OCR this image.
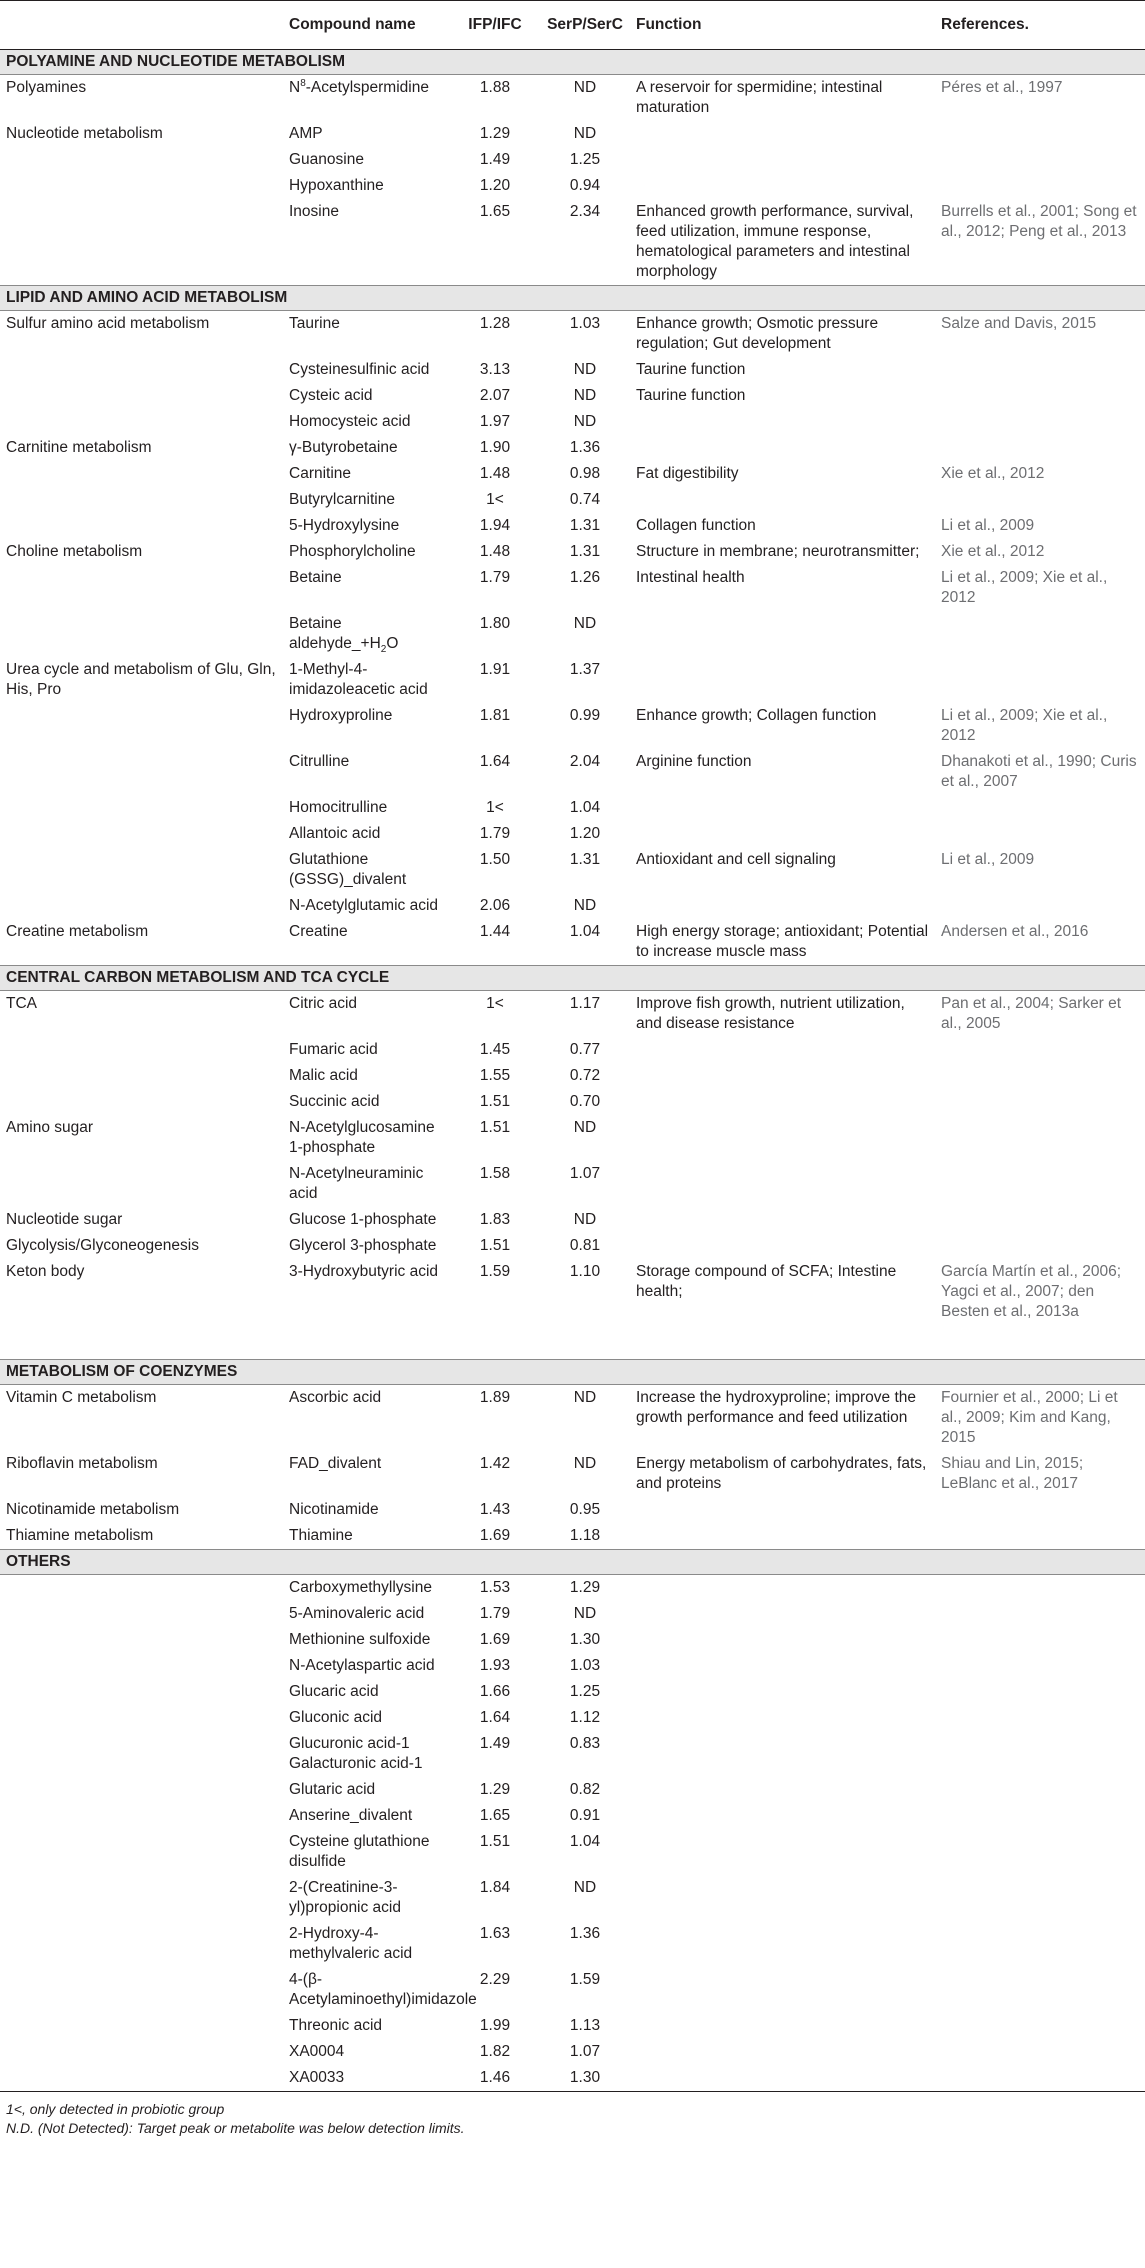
	Compound name	IFP/IFC	SerP/SerC	Function	References.
POLYAMINE AND NUCLEOTIDE METABOLISM					
Polyamines	$N^8$-Acetylspermidine	1.88	ND	A reservoir for spermidine; intestinal maturation	Péres et al., 1997
Nucleotide metabolism	AMP	1.29	ND		
	Guanosine	1.49	1.25		
	Hypoxanthine	1.20	0.94		
	Inosine	1.65	2.34	Enhanced growth performance, survival, feed utilization, immune response, hematological parameters and intestinal morphology	Burrells et al., 2001; Song et al., 2012; Peng et al., 2013
LIPID AND AMINO ACID METABOLISM					
Sulfur amino acid metabolism	Taurine	1.28	1.03	Enhance growth; Osmotic pressure regulation; Gut development	Salze and Davis, 2015
	Cysteinesulfinic acid	3.13	ND	Taurine function	
	Cysteic acid	2.07	ND	Taurine function	
	Homocysteic acid	1.97	ND		
Carnitine metabolism	γ-Butyrobetaine	1.90	1.36		
	Carnitine	1.48	0.98	Fat digestibility	Xie et al., 2012
	Butyrylcarnitine	1<	0.74		
	5-Hydroxylysine	1.94	1.31	Collagen function	Li et al., 2009
Choline metabolism	Phosphorylcholine	1.48	1.31	Structure in membrane; neurotransmitter;	Xie et al., 2012
	Betaine	1.79	1.26	Intestinal health	Li et al., 2009; Xie et al., 2012
	Betaine $aldehyde\_+H_2O$	1.80	ND		
Urea cycle and metabolism of Glu, Gln, His, Pro	1-Methyl-4-imidazoleacetic acid	1.91	1.37		
	Hydroxyproline	1.81	0.99	Enhance growth; Collagen function	Li et al., 2009; Xie et al., 2012
	Citrulline	1.64	2.04	Arginine function	Dhanakoti et al., 1990; Curis et al., 2007
	Homocitrulline	1<	1.04		
	Allantoic acid	1.79	1.20		
	Glutathione (GSSG)_divalent	1.50	1.31	Antioxidant and cell signaling	Li et al., 2009
	N-Acetylglutamic acid	2.06	ND		
Creatine metabolism	Creatine	1.44	1.04	High energy storage; antioxidant; Potential to increase muscle mass	Andersen et al., 2016
CENTRAL CARBON METABOLISM AND TCA CYCLE					
TCA	Citric acid	1<	1.17	Improve fish growth, nutrient utilization, and disease resistance	Pan et al., 2004; Sarker et al., 2005
	Fumaric acid	1.45	0.77		
	Malic acid	1.55	0.72		
	Succinic acid	1.51	0.70		
Amino sugar	N-Acetylglucosamine 1-phosphate	1.51	ND		
	N-Acetylneuraminic acid	1.58	1.07		
Nucleotide sugar	Glucose 1-phosphate	1.83	ND		
Glycolysis/Glyconeogenesis	Glycerol 3-phosphate	1.51	0.81		
Keton body	3-Hydroxybutyric acid	1.59	1.10	Storage compound of SCFA; Intestine health;	García Martín et al., 2006; Yagci et al., 2007; den Besten et al., 2013a

METABOLISM OF COENZYMES					
Vitamin C metabolism	Ascorbic acid	1.89	ND	Increase the hydroxyproline; improve the growth performance and feed utilization	Fournier et al., 2000; Li et al., 2009; Kim and Kang, 2015
Riboflavin metabolism	FAD_divalent	1.42	ND	Energy metabolism of carbohydrates, fats, and proteins	Shiau and Lin, 2015; LeBlanc et al., 2017
Nicotinamide metabolism	Nicotinamide	1.43	0.95		
Thiamine metabolism	Thiamine	1.69	1.18		
OTHERS					
	Carboxymethyllysine	1.53	1.29		
	5-Aminovaleric acid	1.79	ND		
	Methionine sulfoxide	1.69	1.30		
	N-Acetylaspartic acid	1.93	1.03		
	Glucaric acid	1.66	1.25		
	Gluconic acid	1.64	1.12		
	Glucuronic acid-1 Galacturonic acid-1	1.49	0.83		
	Glutaric acid	1.29	0.82		
	Anserine_divalent	1.65	0.91		
	Cysteine glutathione disulfide	1.51	1.04		
	2-(Creatinine-3-yl)propionic acid	1.84	ND		
	2-Hydroxy-4-methylvaleric acid	1.63	1.36		
	4-(β-Acetylaminoethyl)imidazole	2.29	1.59		
	Threonic acid	1.99	1.13		
	XA0004	1.82	1.07		
	XA0033	1.46	1.30		
1<, only detected in probiotic group					
N.D. (Not Detected): Target peak or metabolite was below detection limits.					
